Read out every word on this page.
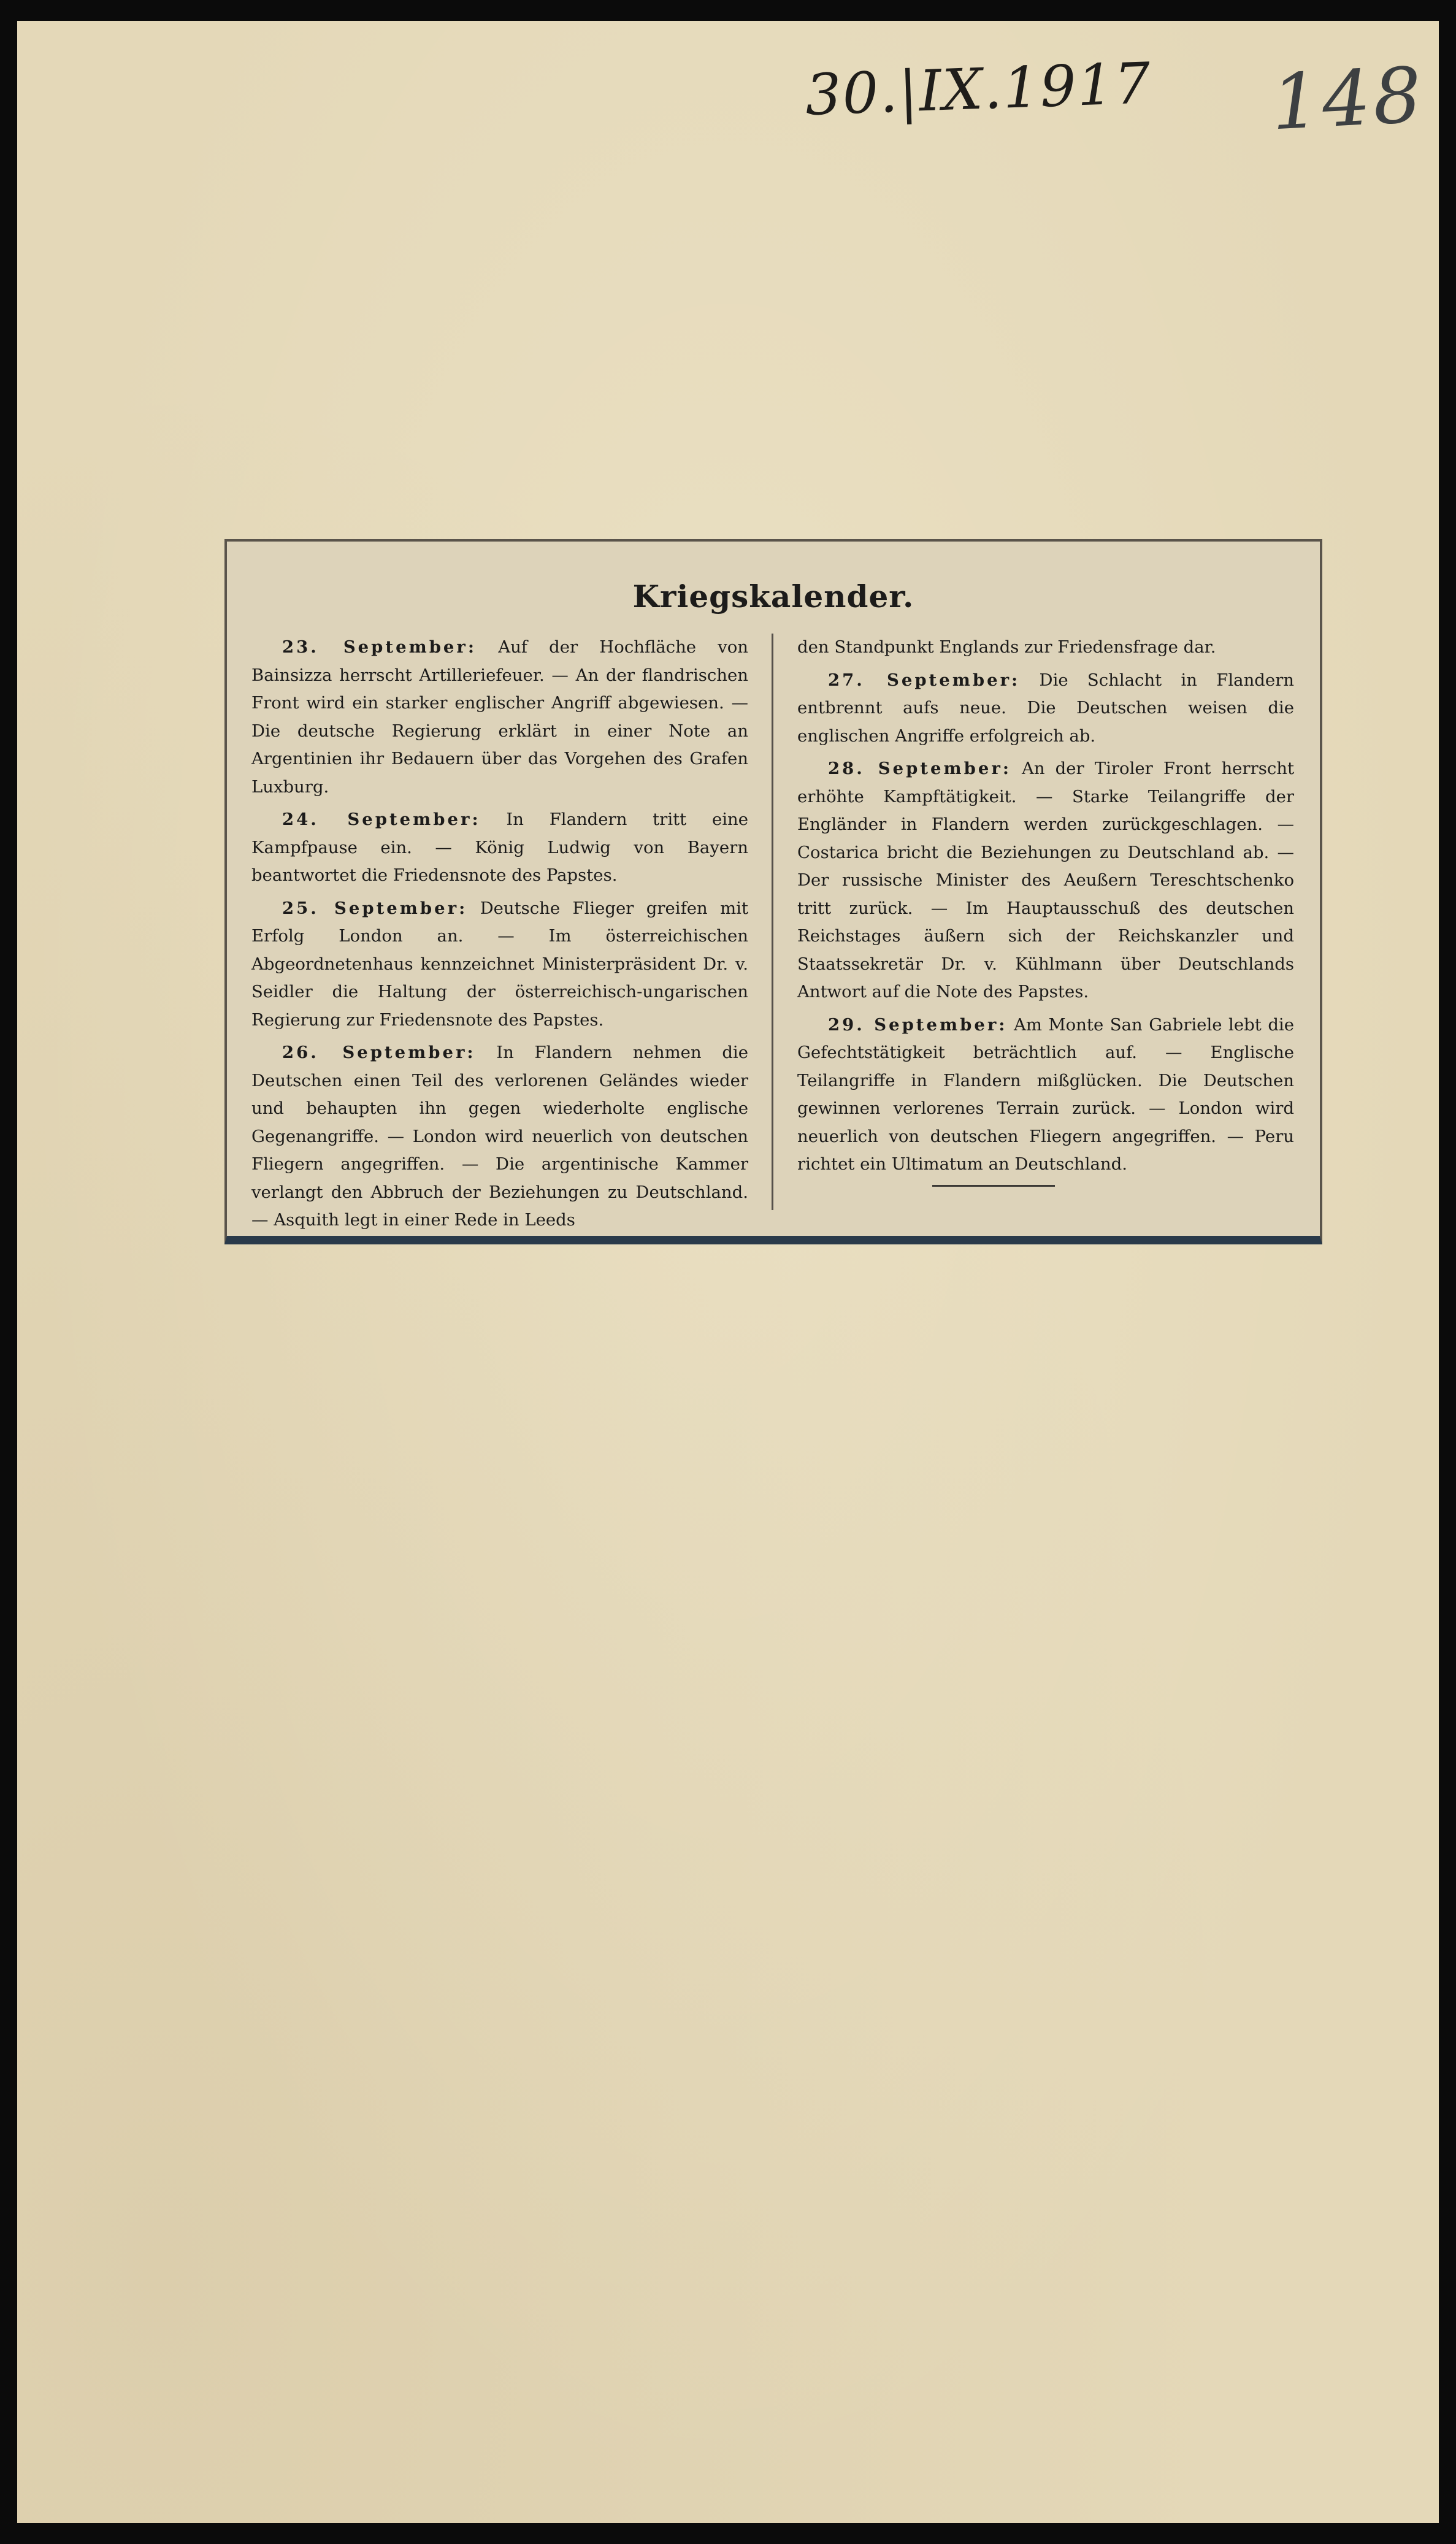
30.|IX.1917 148
Kriegskalender.

23. September: Auf der Hochfläche von Bainsizza herrscht Artilleriefeuer. — An der flandrischen Front wird ein starker englischer Angriff abgewiesen. — Die deutsche Regierung erklärt in einer Note an Argentinien ihr Bedauern über das Vorgehen des Grafen Luxburg.

24. September: In Flandern tritt eine Kampfpause ein. — König Ludwig von Bayern beantwortet die Friedensnote des Papstes.

25. September: Deutsche Flieger greifen mit Erfolg London an. — Im österreichischen Abgeordnetenhaus kennzeichnet Ministerpräsident Dr. v. Seidler die Haltung der österreichisch-ungarischen Regierung zur Friedensnote des Papstes.

26. September: In Flandern nehmen die Deutschen einen Teil des verlorenen Geländes wieder und behaupten ihn gegen wiederholte englische Gegenangriffe. — London wird neuerlich von deutschen Fliegern angegriffen. — Die argentinische Kammer verlangt den Abbruch der Beziehungen zu Deutschland. — Asquith legt in einer Rede in Leeds

den Standpunkt Englands zur Friedensfrage dar.

27. September: Die Schlacht in Flandern entbrennt aufs neue. Die Deutschen weisen die englischen Angriffe erfolgreich ab.

28. September: An der Tiroler Front herrscht erhöhte Kampftätigkeit. — Starke Teilangriffe der Engländer in Flandern werden zurückgeschlagen. — Costarica bricht die Beziehungen zu Deutschland ab. — Der russische Minister des Aeußern Tereschtschenko tritt zurück. — Im Hauptausschuß des deutschen Reichstages äußern sich der Reichskanzler und Staatssekretär Dr. v. Kühlmann über Deutschlands Antwort auf die Note des Papstes.

29. September: Am Monte San Gabriele lebt die Gefechtstätigkeit beträchtlich auf. — Englische Teilangriffe in Flandern mißglücken. Die Deutschen gewinnen verlorenes Terrain zurück. — London wird neuerlich von deutschen Fliegern angegriffen. — Peru richtet ein Ultimatum an Deutschland.
